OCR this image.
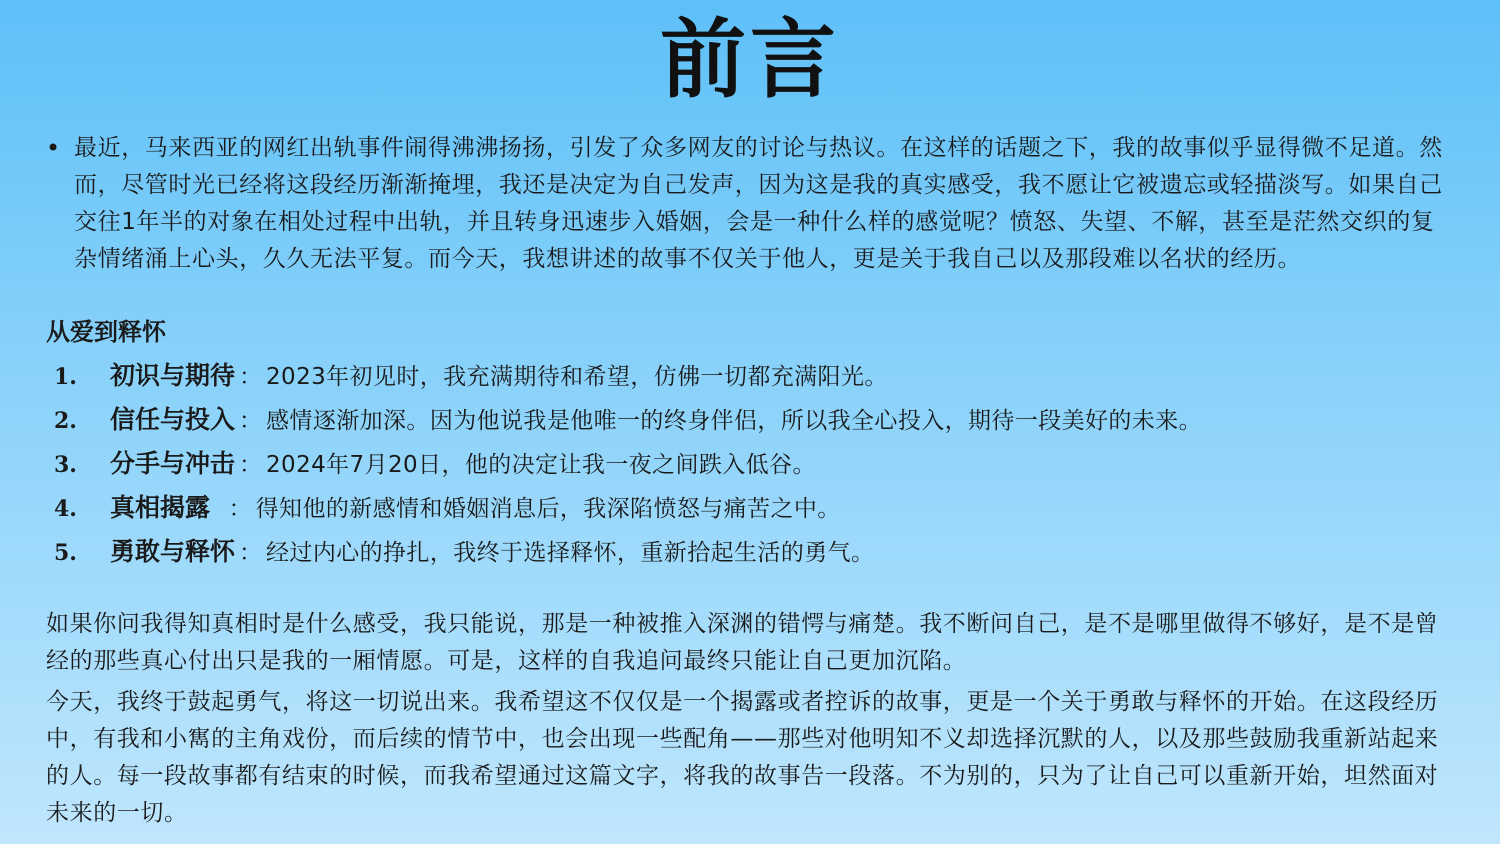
前言
• 最近，马来西亚的网红出轨事件闹得沸沸扬扬，引发了众多网友的讨论与热议。在这样的话题之下，我的故事似乎显得微不足道。然而，尽管时光已经将这段经历渐渐掩埋，我还是决定为自己发声，因为这是我的真实感受，我不愿让它被遗忘或轻描淡写。如果自己交往1年半的对象在相处过程中出轨，并且转身迅速步入婚姻，会是一种什么样的感觉呢？愤怒、失望、不解，甚至是茫然交织的复杂情绪涌上心头，久久无法平复。而今天，我想讲述的故事不仅关于他人，更是关于我自己以及那段难以名状的经历。

从爱到释怀
1.	初识与期待 ： 2023年初见时，我充满期待和希望，仿佛一切都充满阳光。
2.	信任与投入 ： 感情逐渐加深。因为他说我是他唯一的终身伴侣，所以我全心投入，期待一段美好的未来。
3.	分手与冲击 ： 2024年7月20日，他的决定让我一夜之间跌入低谷。
4.	真相揭露 ： 得知他的新感情和婚姻消息后，我深陷愤怒与痛苦之中。
5.	勇敢与释怀 ： 经过内心的挣扎，我终于选择释怀，重新拾起生活的勇气。

如果你问我得知真相时是什么感受，我只能说，那是一种被推入深渊的错愕与痛楚。我不断问自己，是不是哪里做得不够好，是不是曾经的那些真心付出只是我的一厢情愿。可是，这样的自我追问最终只能让自己更加沉陷。

今天，我终于鼓起勇气，将这一切说出来。我希望这不仅仅是一个揭露或者控诉的故事，更是一个关于勇敢与释怀的开始。在这段经历中，有我和小寯的主角戏份，而后续的情节中，也会出现一些配角——那些对他明知不义却选择沉默的人，以及那些鼓励我重新站起来的人。每一段故事都有结束的时候，而我希望通过这篇文字，将我的故事告一段落。不为别的，只为了让自己可以重新开始，坦然面对未来的一切。
